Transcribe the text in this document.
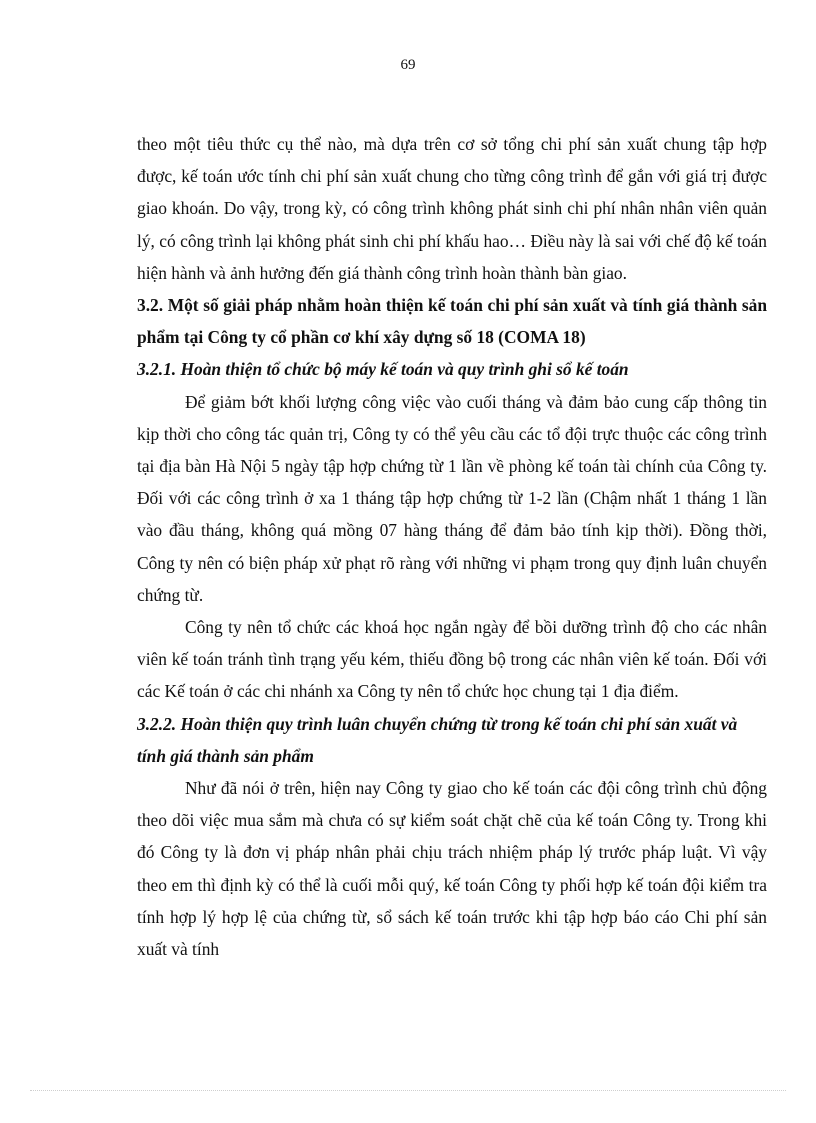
69

theo một tiêu thức cụ thể nào, mà dựa trên cơ sở tổng chi phí sản xuất chung tập hợp được, kế toán ước tính chi phí sản xuất chung cho từng công trình để gắn với giá trị được giao khoán. Do vậy, trong kỳ, có công trình không phát sinh chi phí nhân nhân viên quản lý, có công trình lại không phát sinh chi phí khấu hao… Điều này là sai với chế độ kế toán hiện hành và ảnh hưởng đến giá thành công trình hoàn thành bàn giao.

3.2. Một số giải pháp nhằm hoàn thiện kế toán chi phí sản xuất và tính giá thành sản phẩm tại Công ty cổ phần cơ khí xây dựng số 18 (COMA 18)

3.2.1. Hoàn thiện tổ chức bộ máy kế toán và quy trình ghi sổ kế toán

Để giảm bớt khối lượng công việc vào cuối tháng và đảm bảo cung cấp thông tin kịp thời cho công tác quản trị, Công ty có thể yêu cầu các tổ đội trực thuộc các công trình tại địa bàn Hà Nội 5 ngày tập hợp chứng từ 1 lần về phòng kế toán tài chính của Công ty. Đối với các công trình ở xa 1 tháng tập hợp chứng từ 1-2 lần (Chậm nhất 1 tháng 1 lần vào đầu tháng, không quá mồng 07 hàng tháng để đảm bảo tính kịp thời). Đồng thời, Công ty nên có biện pháp xử phạt rõ ràng với những vi phạm trong quy định luân chuyển chứng từ.

Công ty nên tổ chức các khoá học ngắn ngày để bồi dưỡng trình độ cho các nhân viên kế toán tránh tình trạng yếu kém, thiếu đồng bộ trong các nhân viên kế toán. Đối với các Kế toán ở các chi nhánh xa Công ty nên tổ chức học chung tại 1 địa điểm.

3.2.2. Hoàn thiện quy trình luân chuyển chứng từ trong kế toán chi phí sản xuất và tính giá thành sản phẩm

Như đã nói ở trên, hiện nay Công ty giao cho kế toán các đội công trình chủ động theo dõi việc mua sắm mà chưa có sự kiểm soát chặt chẽ của kế toán Công ty. Trong khi đó Công ty là đơn vị pháp nhân phải chịu trách nhiệm pháp lý trước pháp luật. Vì vậy theo em thì định kỳ có thể là cuối mỗi quý, kế toán Công ty phối hợp kế toán đội kiểm tra tính hợp lý hợp lệ của chứng từ, sổ sách kế toán trước khi tập hợp báo cáo Chi phí sản xuất và tính
